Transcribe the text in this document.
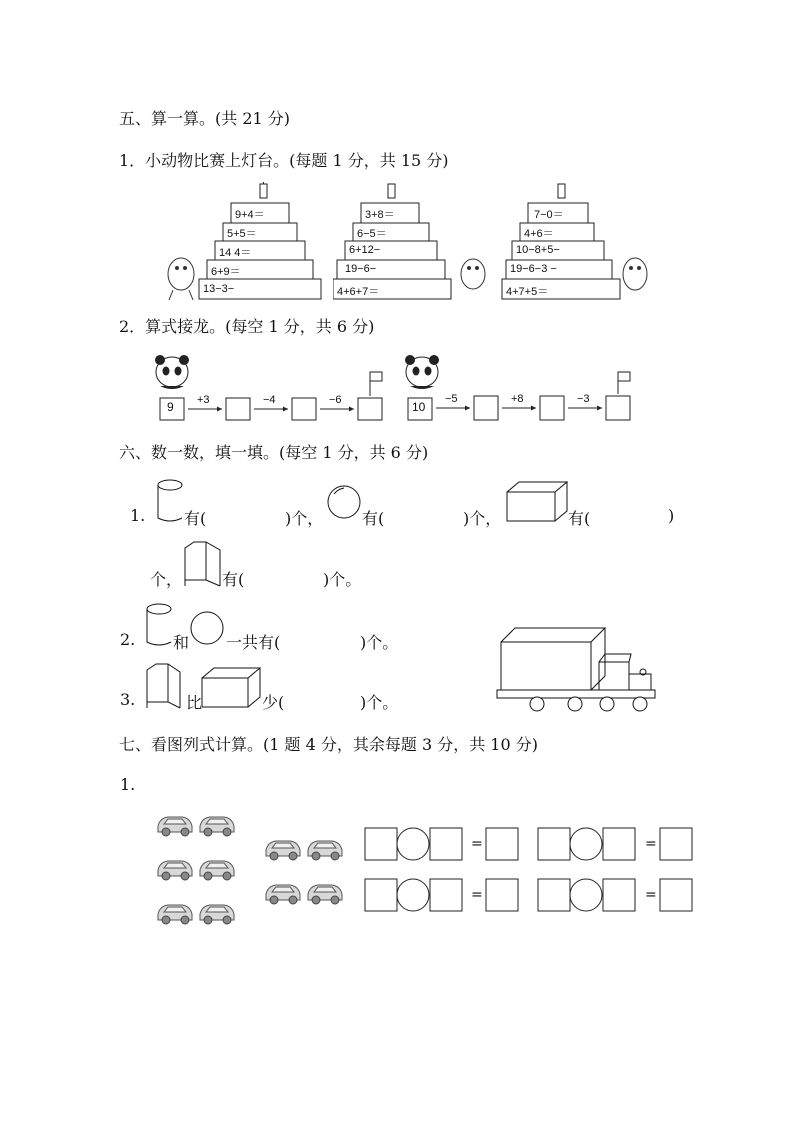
五、算一算。(共 21 分)
1．小动物比赛上灯台。(每题 1 分，共 15 分)
9+4＝
5+5＝
14 4＝
6+9＝
13−3−
3+8＝
6−5＝
6+12−
19−6−
4+6+7＝
7−0＝
4+6＝
10−8+5−
19−6−3 −
4+7+5＝
2．算式接龙。(每空 1 分，共 6 分)
9 +3	−4	−6	10
−5	+8	−3
六、数一数，填一填。(每空 1 分，共 6 分)
1. 有(	)个， 有(	)个，	有(	)
个， 有(	)个。
2. 和 一共有(	)个。
3.	比	少(	)个。
七、看图列式计算。(1 题 4 分，其余每题 3 分，共 10 分)
1.
=	=
=	=
